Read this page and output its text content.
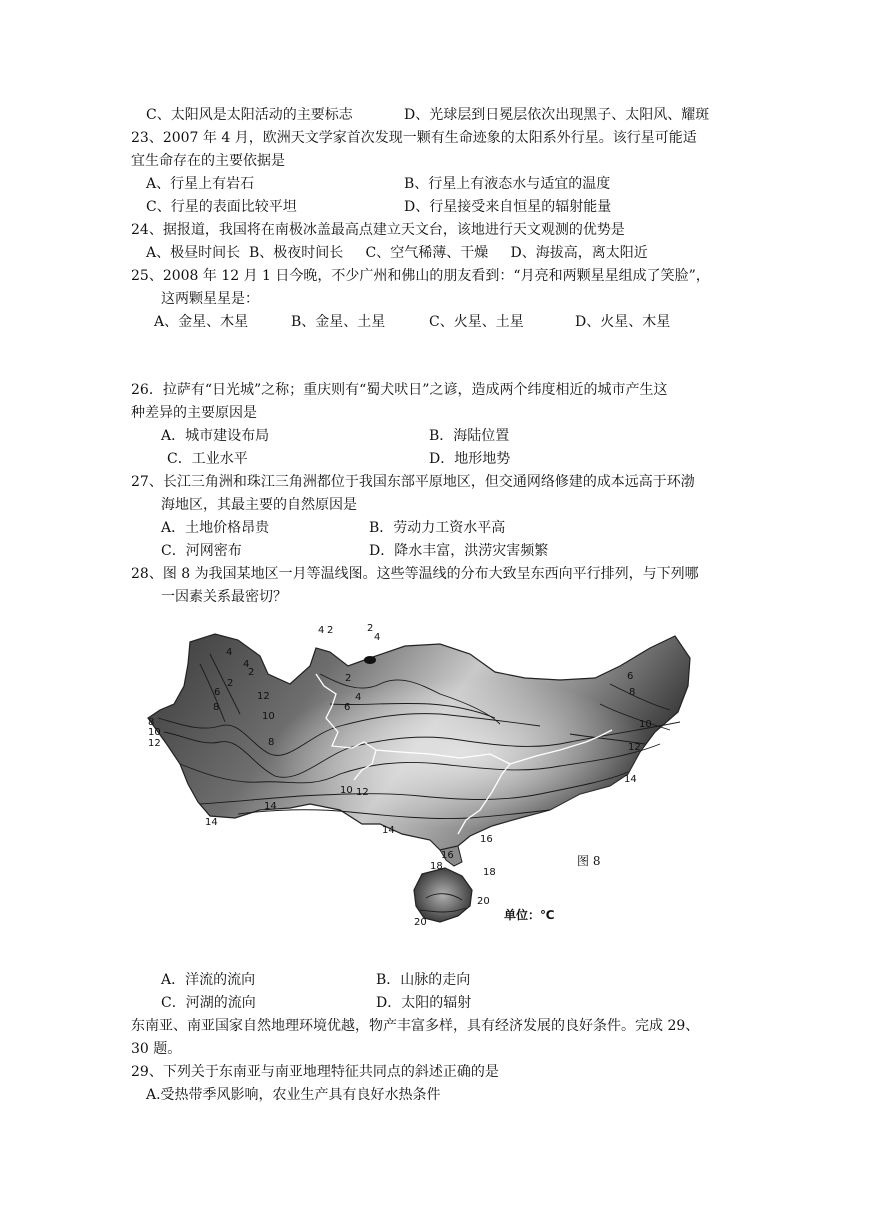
C、太阳风是太阳活动的主要标志	D、光球层到日冕层依次出现黑子、太阳风、耀斑
23、2007 年 4 月，欧洲天文学家首次发现一颗有生命迹象的太阳系外行星。该行星可能适
宜生命存在的主要依据是
A、行星上有岩石	B、行星上有液态水与适宜的温度
C、行星的表面比较平坦	D、行星接受来自恒星的辐射能量
24、据报道，我国将在南极冰盖最高点建立天文台，该地进行天文观测的优势是
A、极昼时间长  B、极夜时间长     C、空气稀薄、干燥     D、海拔高，离太阳近
25、2008 年 12 月 1 日今晚，不少广州和佛山的朋友看到：“月亮和两颗星星组成了笑脸”，
这两颗星星是：
A、金星、木星	B、金星、土星	C、火星、土星	D、火星、木星
26．拉萨有“日光城”之称；重庆则有“蜀犬吠日”之谚，造成两个纬度相近的城市产生这
种差异的主要原因是
A．城市建设布局	B．海陆位置
C．工业水平	D．地形地势
27、长江三角洲和珠江三角洲都位于我国东部平原地区，但交通网络修建的成本远高于环渤
海地区，其最主要的自然原因是
A．土地价格昂贵	B．劳动力工资水平高
C．河网密布	D．降水丰富，洪涝灾害频繁
28、图 8 为我国某地区一月等温线图。这些等温线的分布大致呈东西向平行排列，与下列哪
一因素关系最密切？
4 2	2
4
4
2
2
4
6
8
12
10
8
10
12	8
4
6
2	6
8
10
12
14
10 12
14
14
14
16
16
18
18
20
20
图 8
单位：℃
A．洋流的流向	B．山脉的走向
C．河湖的流向	D．太阳的辐射
东南亚、南亚国家自然地理环境优越，物产丰富多样，具有经济发展的良好条件。完成 29、
30 题。
29、下列关于东南亚与南亚地理特征共同点的斜述正确的是
A.受热带季风影响，农业生产具有良好水热条件
